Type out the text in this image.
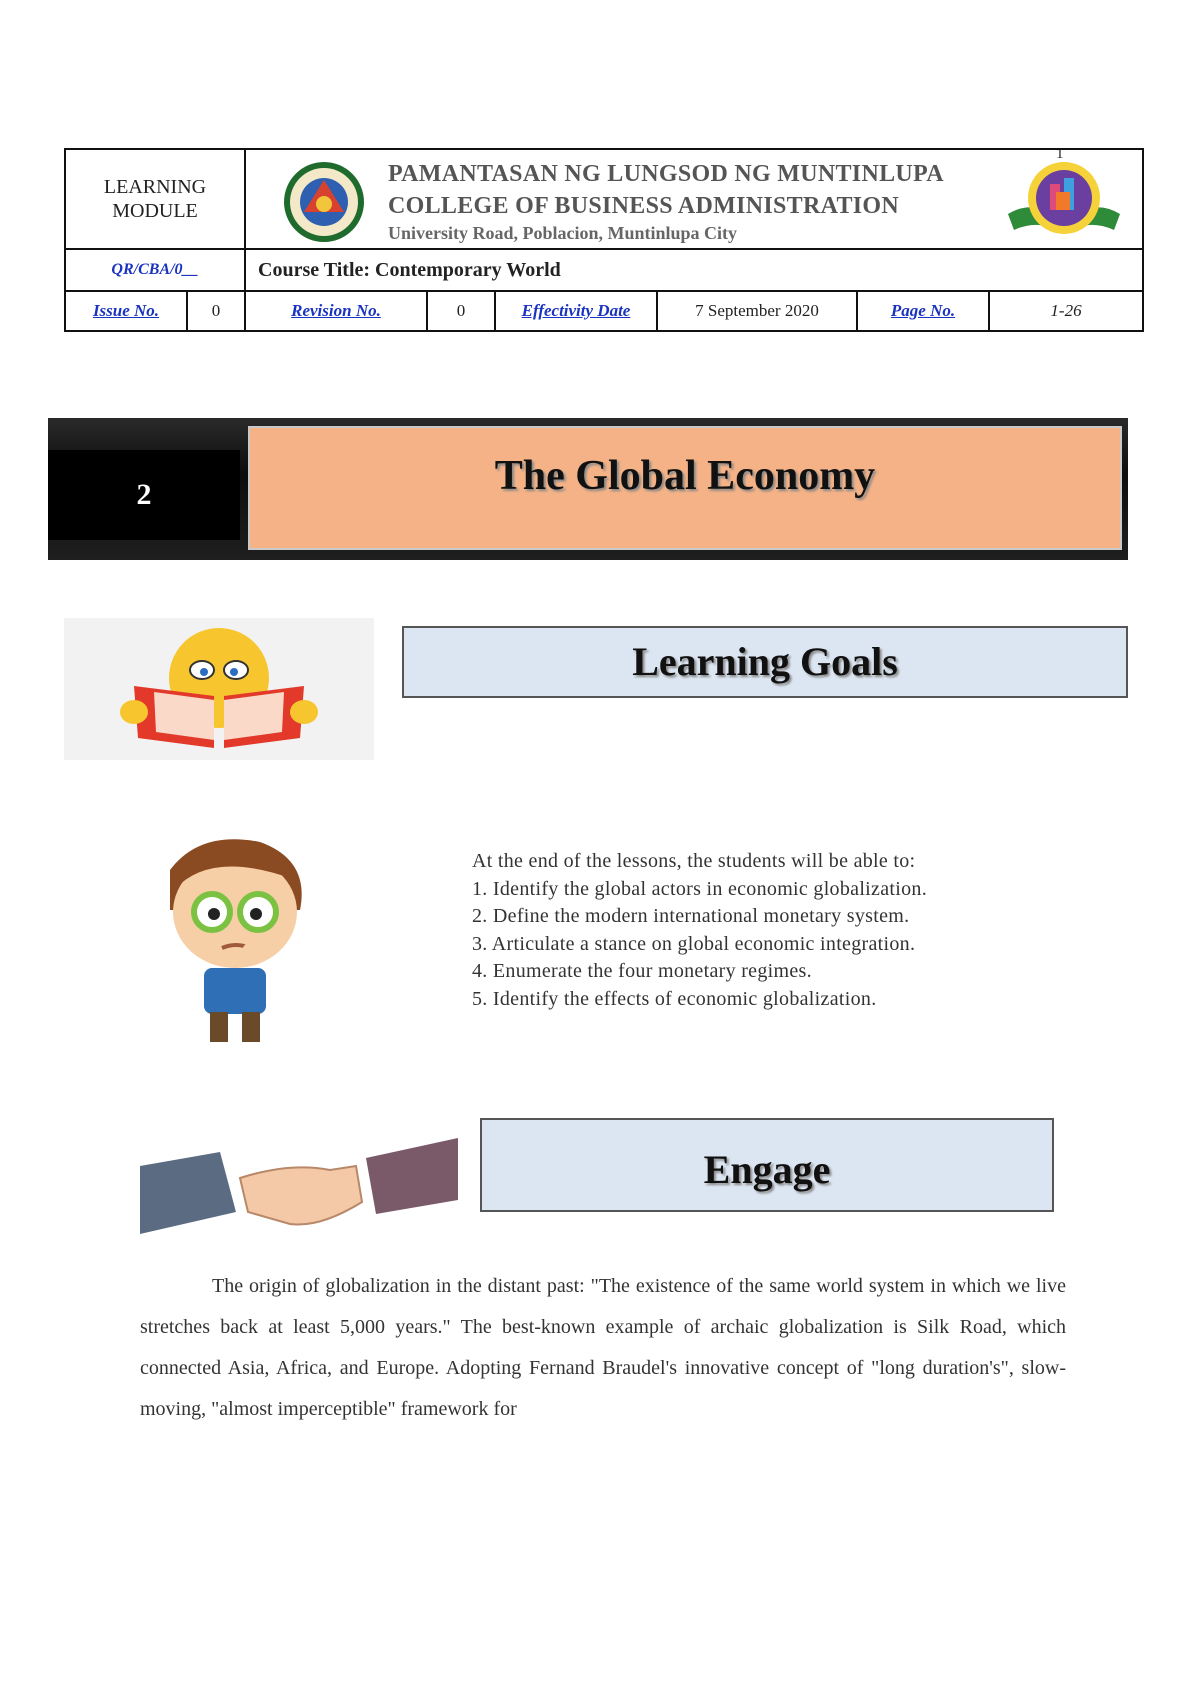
1
LEARNING
MODULE
PAMANTASAN NG LUNGSOD NG MUNTINLUPA
COLLEGE OF BUSINESS ADMINISTRATION
University Road, Poblacion, Muntinlupa City
QR/CBA/0__	Course Title: Contemporary World
Issue No.	0	Revision No.	0	Effectivity Date	7 September 2020	Page No.	1-26
2	The Global Economy
Learning Goals
At the end of the lessons, the students will be able to:
1. Identify the global actors in economic globalization.
2. Define the modern international monetary system.
3. Articulate a stance on global economic integration.
4. Enumerate the four monetary regimes.
5. Identify the effects of economic globalization.
Engage
The origin of globalization in the distant past: "The existence of the same world system in which we live stretches back at least 5,000 years." The best-known example of archaic globalization is Silk Road, which connected Asia, Africa, and Europe. Adopting Fernand Braudel's innovative concept of "long duration's", slow-moving, "almost imperceptible" framework for
